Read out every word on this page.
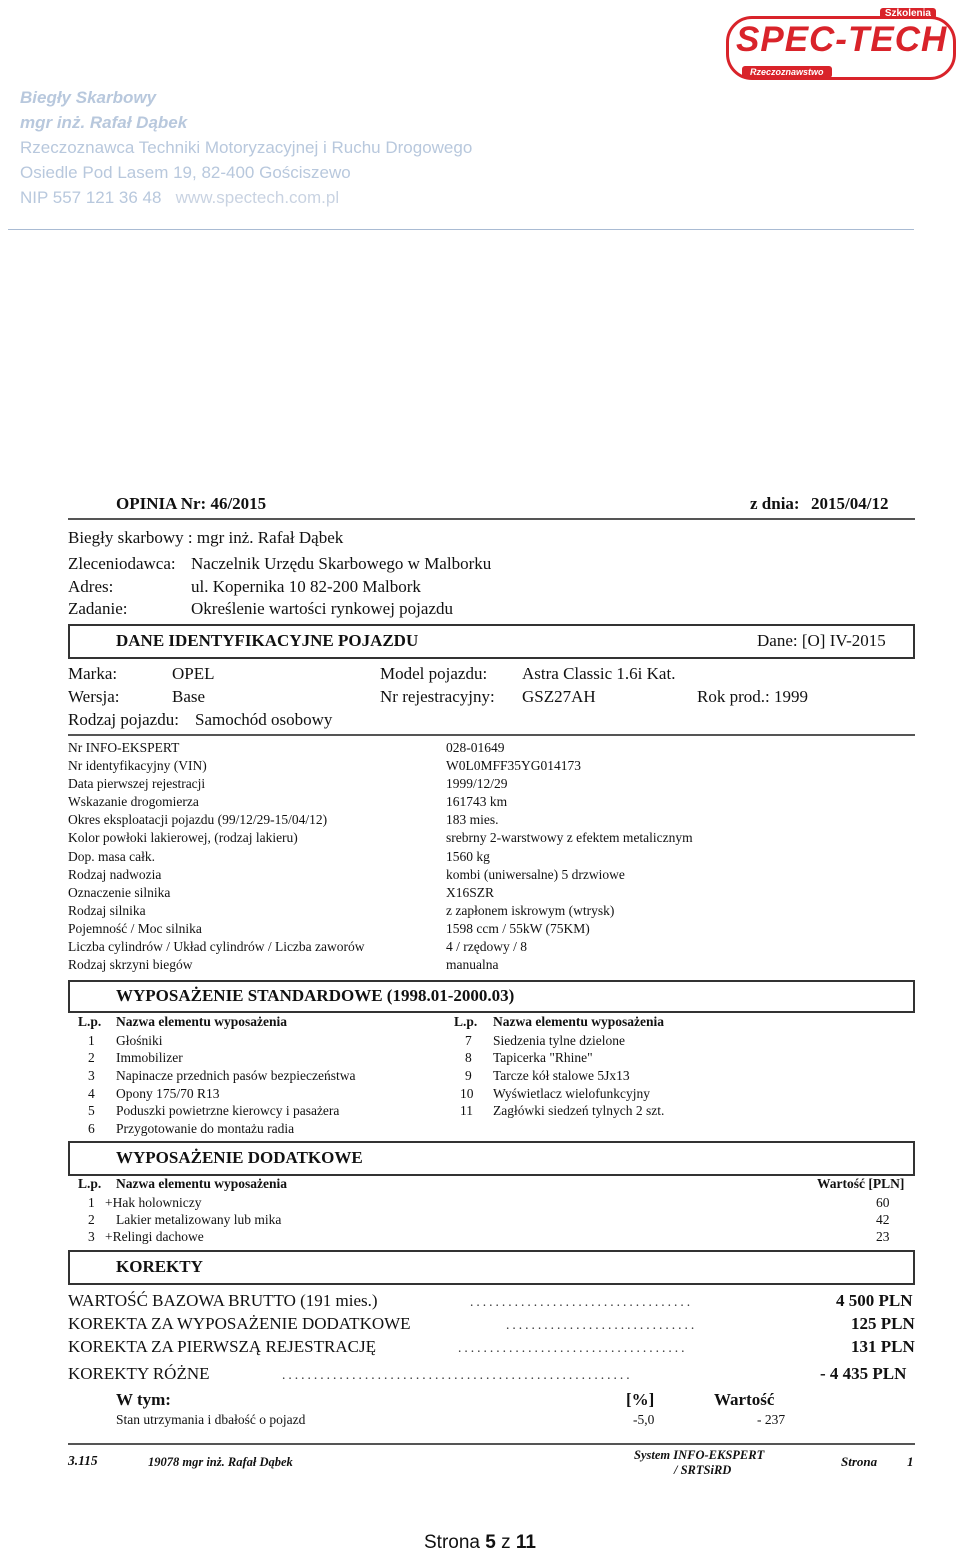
Biegły Skarbowy
mgr inż. Rafał Dąbek
Rzeczoznawca Techniki Motoryzacyjnej i Ruchu Drogowego
Osiedle Pod Lasem 19, 82-400 Gościszewo
NIP 557 121 36 48 www.spectech.com.pl
SPEC-TECH
Szkolenia
Rzeczoznawstwo
OPINIA Nr: 46/2015	z dnia: 2015/04/12
Biegły skarbowy : mgr inż. Rafał Dąbek
Zleceniodawca: Naczelnik Urzędu Skarbowego w Malborku
Adres:	ul. Kopernika 10 82-200 Malbork
Zadanie:	Określenie wartości rynkowej pojazdu
DANE IDENTYFIKACYJNE POJAZDU	Dane: [O] IV-2015
Marka:	OPEL	Model pojazdu: Astra Classic 1.6i Kat.
Wersja:	Base	Nr rejestracyjny: GSZ27AH	Rok prod.: 1999
Rodzaj pojazdu: Samochód osobowy
Nr INFO-EKSPERT	028-01649
Nr identyfikacyjny (VIN)	W0L0MFF35YG014173
Data pierwszej rejestracji	1999/12/29
Wskazanie drogomierza	161743 km
Okres eksploatacji pojazdu (99/12/29-15/04/12)	183 mies.
Kolor powłoki lakierowej, (rodzaj lakieru)	srebrny 2-warstwowy z efektem metalicznym
Dop. masa całk.	1560 kg
Rodzaj nadwozia	kombi (uniwersalne) 5 drzwiowe
Oznaczenie silnika	X16SZR
Rodzaj silnika	z zapłonem iskrowym (wtrysk)
Pojemność / Moc silnika	1598 ccm / 55kW (75KM)
Liczba cylindrów / Układ cylindrów / Liczba zaworów	4 / rzędowy / 8
Rodzaj skrzyni biegów	manualna
WYPOSAŻENIE STANDARDOWE (1998.01-2000.03)
L.p. Nazwa elementu wyposażenia	L.p. Nazwa elementu wyposażenia
1 Głośniki	7 Siedzenia tylne dzielone
2 Immobilizer	8 Tapicerka "Rhine"
3 Napinacze przednich pasów bezpieczeństwa	9 Tarcze kół stalowe 5Jx13
4 Opony 175/70 R13	10 Wyświetlacz wielofunkcyjny
5 Poduszki powietrzne kierowcy i pasażera	11 Zagłówki siedzeń tylnych 2 szt.
6 Przygotowanie do montażu radia
WYPOSAŻENIE DODATKOWE
L.p. Nazwa elementu wyposażenia	Wartość [PLN]
1 +Hak holowniczy	60
2 Lakier metalizowany lub mika	42
3 +Relingi dachowe	23
KOREKTY
WARTOŚĆ BAZOWA BRUTTO (191 mies.)	...................................	4 500 PLN
KOREKTA ZA WYPOSAŻENIE DODATKOWE	..............................	125 PLN
KOREKTA ZA PIERWSZĄ REJESTRACJĘ	....................................	131 PLN
KOREKTY RÓŻNE	.......................................................	- 4 435 PLN
W tym:	[%]	Wartość
Stan utrzymania i dbałość o pojazd	-5,0	- 237
3.115	19078 mgr inż. Rafał Dąbek	System INFO-EKSPERT
/ SRTSiRD
Strona 1
Strona 5 z 11
